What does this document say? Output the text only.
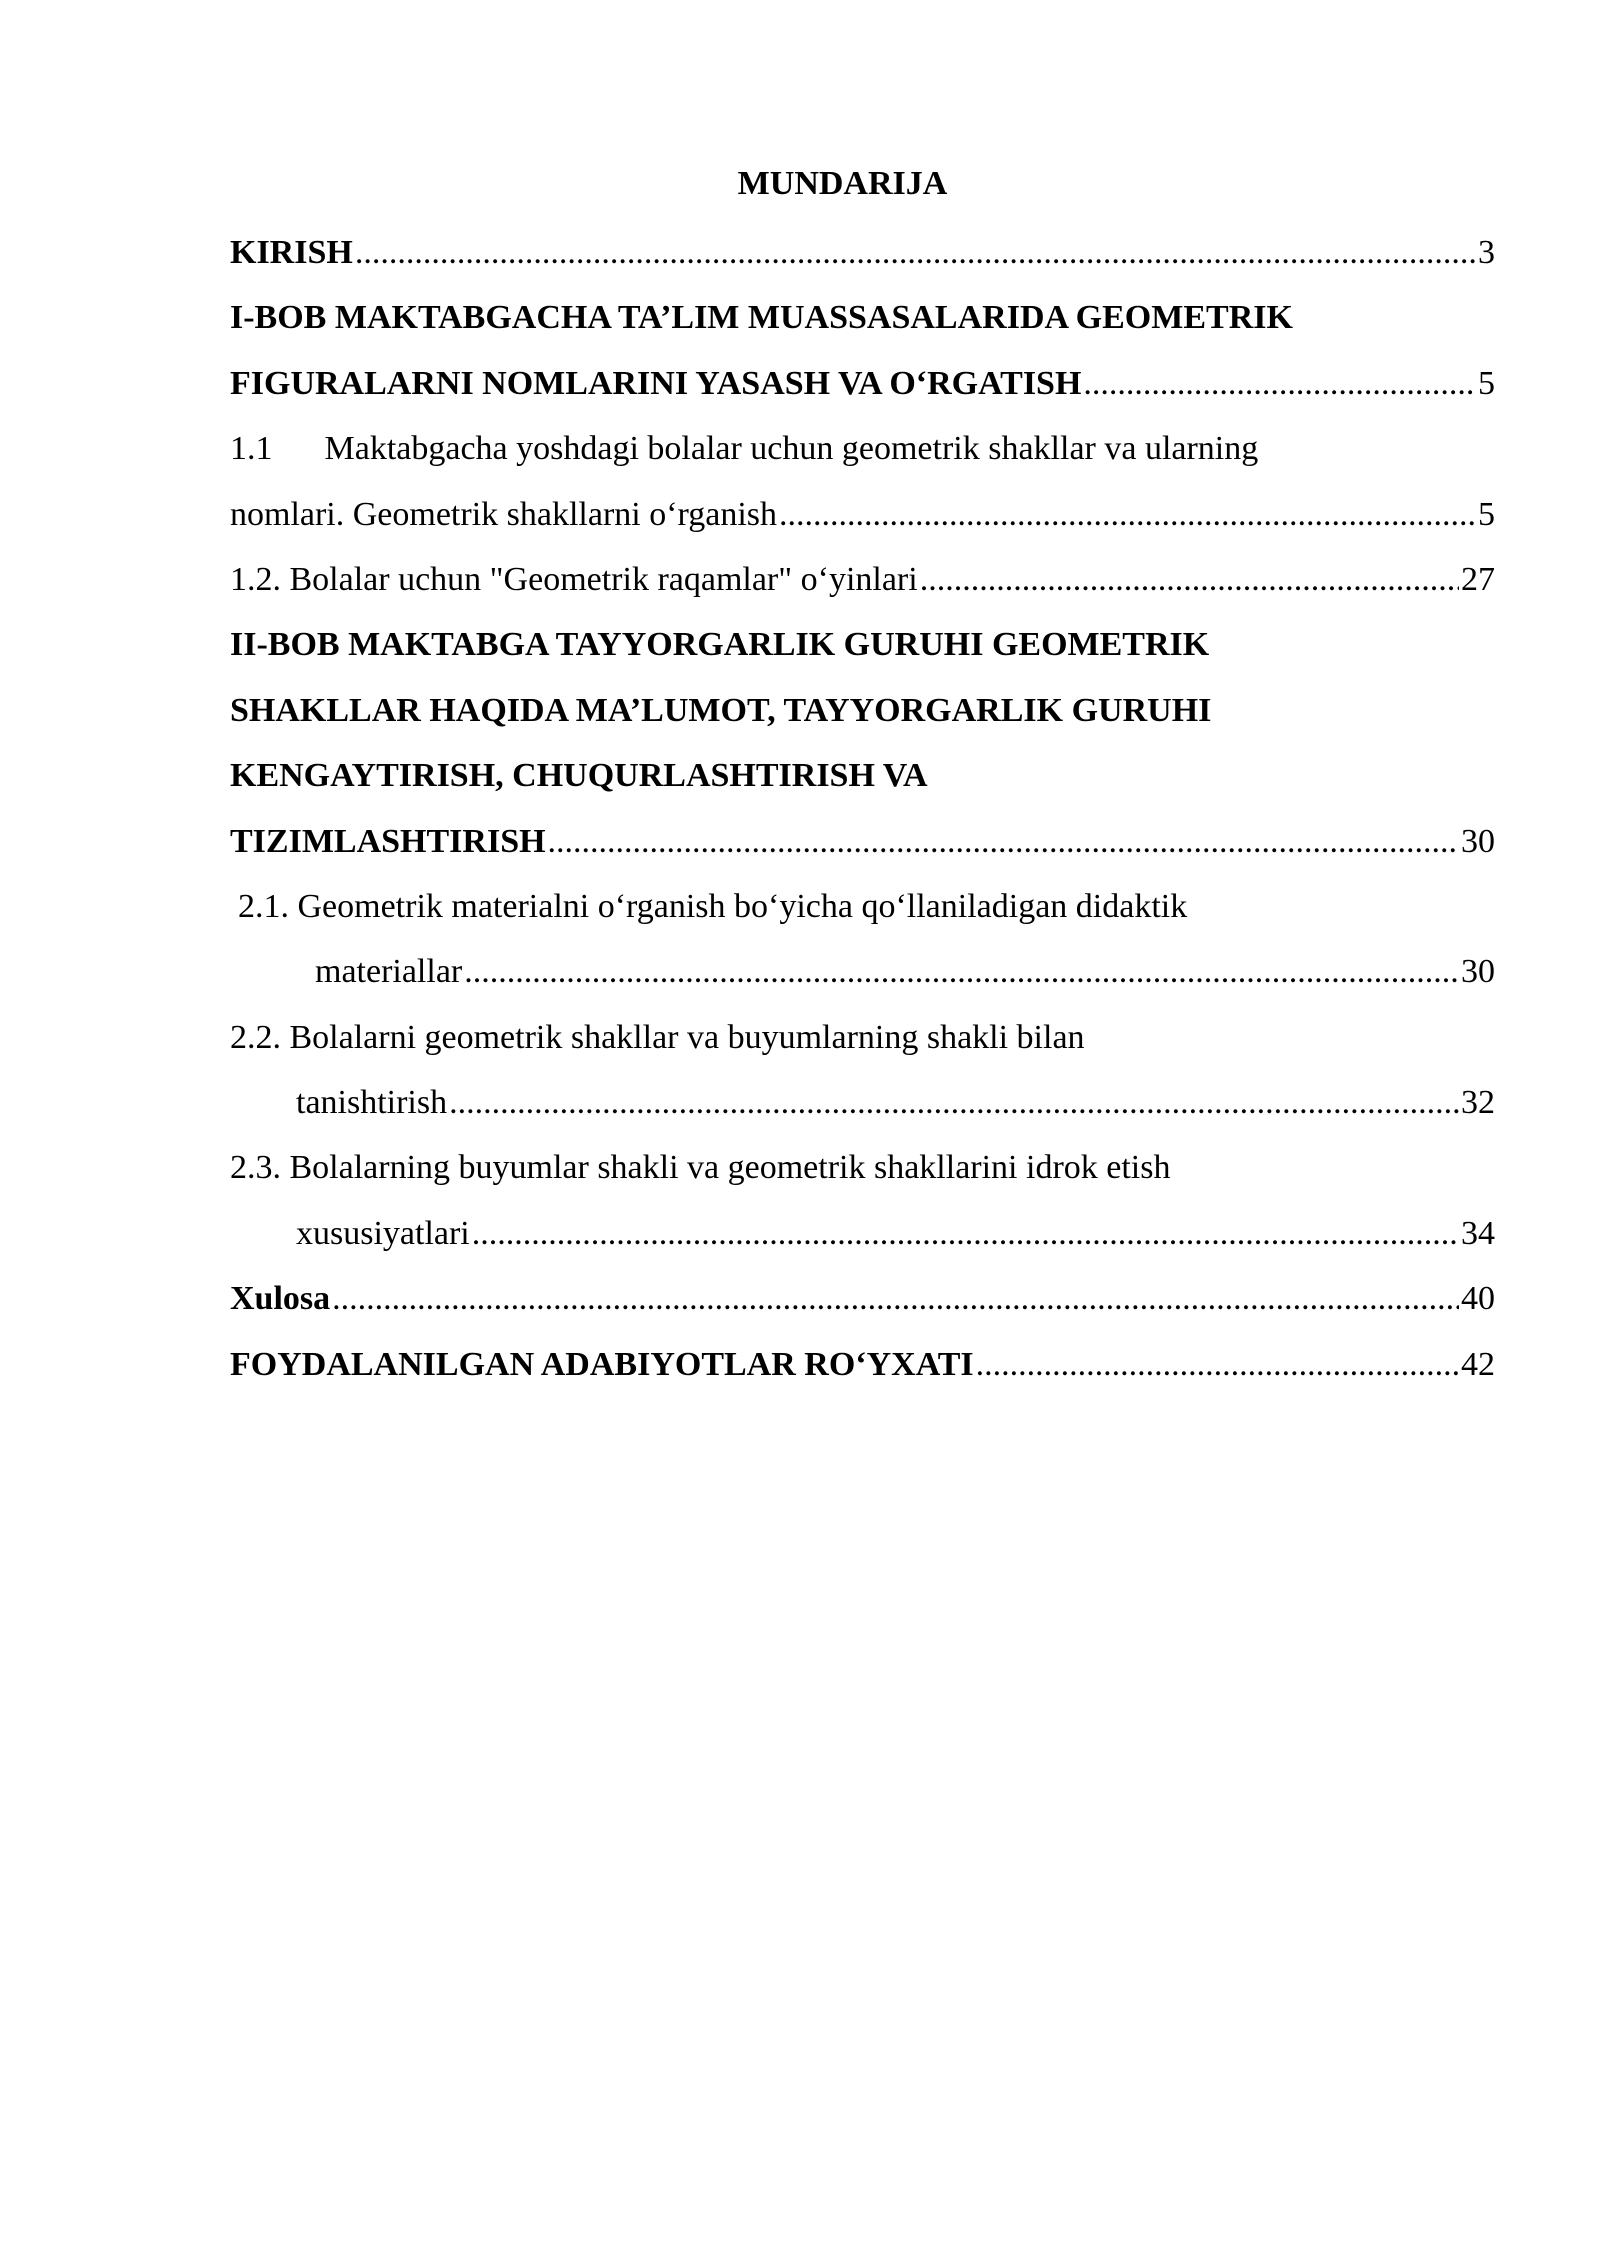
MUNDARIJA
KIRISH .....	3
I-BOB MAKTABGACHA TA’LIM MUASSASALARIDA GEOMETRIK
FIGURALARNI NOMLARINI YASASH VA O‘RGATISH .....	5
1.1 Maktabgacha yoshdagi bolalar uchun geometrik shakllar va ularning
nomlari. Geometrik shakllarni o‘rganish .....	5
1.2. Bolalar uchun "Geometrik raqamlar" o‘yinlari .....	27
II-BOB MAKTABGA TAYYORGARLIK GURUHI GEOMETRIK
SHAKLLAR HAQIDA MA’LUMOT, TAYYORGARLIK GURUHI
KENGAYTIRISH, CHUQURLASHTIRISH VA
TIZIMLASHTIRISH .....	30
2.1. Geometrik materialni o‘rganish bo‘yicha qo‘llaniladigan didaktik
materiallar .....	30
2.2. Bolalarni geometrik shakllar va buyumlarning shakli bilan
tanishtirish .....	32
2.3. Bolalarning buyumlar shakli va geometrik shakllarini idrok etish
xususiyatlari .....	34
Xulosa .....	40
FOYDALANILGAN ADABIYOTLAR RO‘YXATI .....	42
